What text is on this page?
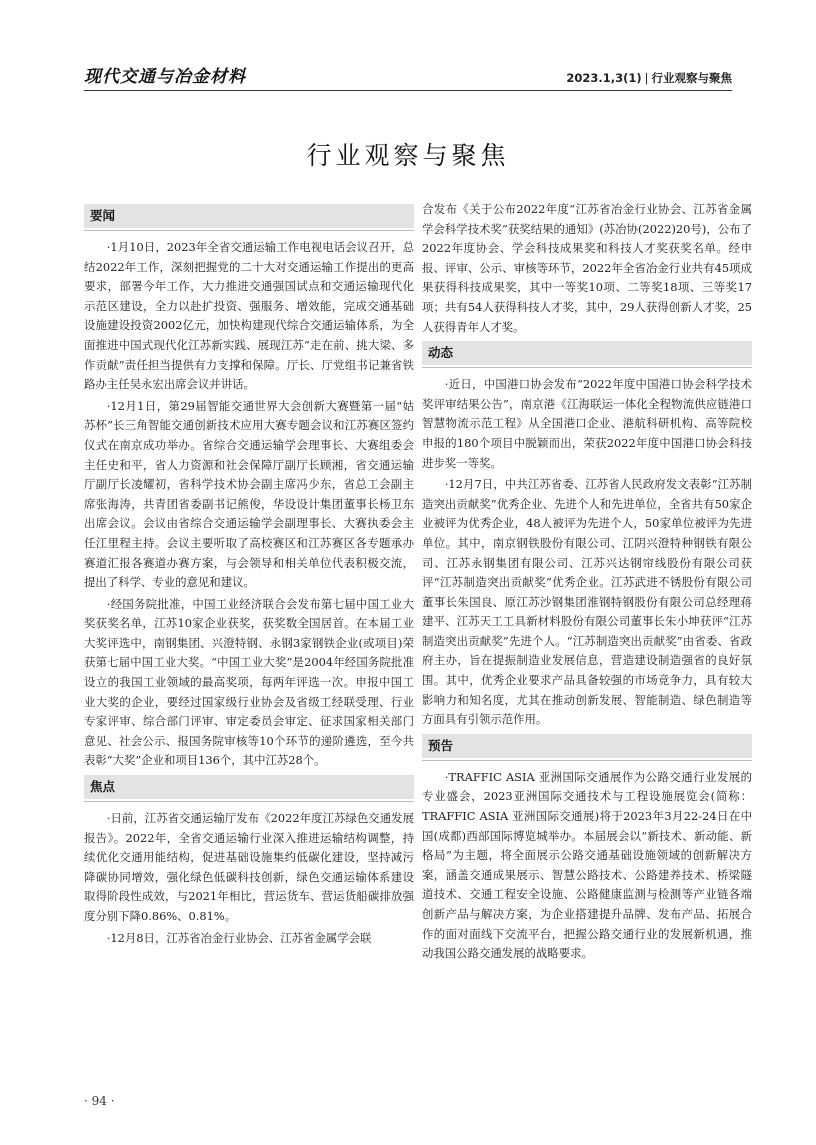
现代交通与冶金材料	2023.1,3(1) | 行业观察与聚焦
行业观察与聚焦
要闻
·1月10日，2023年全省交通运输工作电视电话会议召开，总结2022年工作，深刻把握党的二十大对交通运输工作提出的更高要求，部署今年工作，大力推进交通强国试点和交通运输现代化示范区建设，全力以赴扩投资、强服务、增效能，完成交通基础设施建设投资2002亿元，加快构建现代综合交通运输体系，为全面推进中国式现代化江苏新实践、展现江苏“走在前、挑大梁、多作贡献”责任担当提供有力支撑和保障。厅长、厅党组书记兼省铁路办主任吴永宏出席会议并讲话。
·12月1日，第29届智能交通世界大会创新大赛暨第一届“姑苏杯”长三角智能交通创新技术应用大赛专题会议和江苏赛区签约仪式在南京成功举办。省综合交通运输学会理事长、大赛组委会主任史和平，省人力资源和社会保障厅副厅长顾湘，省交通运输厅副厅长凌耀初，省科学技术协会副主席冯少东，省总工会副主席张海涛，共青团省委副书记熊俊，华设设计集团董事长杨卫东出席会议。会议由省综合交通运输学会副理事长、大赛执委会主任江里程主持。会议主要听取了高校赛区和江苏赛区各专题承办赛道汇报各赛道办赛方案，与会领导和相关单位代表积极交流，提出了科学、专业的意见和建议。
·经国务院批准，中国工业经济联合会发布第七届中国工业大奖获奖名单，江苏10家企业获奖，获奖数全国居首。在本届工业大奖评选中，南钢集团、兴澄特钢、永钢3家钢铁企业(或项目)荣获第七届中国工业大奖。“中国工业大奖”是2004年经国务院批准设立的我国工业领域的最高奖项，每两年评选一次。申报中国工业大奖的企业，要经过国家级行业协会及省级工经联受理、行业专家评审、综合部门评审、审定委员会审定、征求国家相关部门意见、社会公示、报国务院审核等10个环节的递阶遴选，至今共表彰“大奖”企业和项目136个，其中江苏28个。
焦点
·日前，江苏省交通运输厅发布《2022年度江苏绿色交通发展报告》。2022年，全省交通运输行业深入推进运输结构调整，持续优化交通用能结构，促进基础设施集约低碳化建设，坚持减污降碳协同增效，强化绿色低碳科技创新，绿色交通运输体系建设取得阶段性成效，与2021年相比，营运货车、营运货船碳排放强度分别下降0.86%、0.81%。
·12月8日，江苏省冶金行业协会、江苏省金属学会联
合发布《关于公布2022年度“江苏省冶金行业协会、江苏省金属学会科学技术奖”获奖结果的通知》(苏冶协(2022)20号)，公布了2022年度协会、学会科技成果奖和科技人才奖获奖名单。经申报、评审、公示、审核等环节，2022年全省冶金行业共有45项成果获得科技成果奖，其中一等奖10项、二等奖18项、三等奖17项；共有54人获得科技人才奖，其中，29人获得创新人才奖，25人获得青年人才奖。
动态
·近日，中国港口协会发布“2022年度中国港口协会科学技术奖评审结果公告”，南京港《江海联运一体化全程物流供应链港口智慧物流示范工程》从全国港口企业、港航科研机构、高等院校申报的180个项目中脱颖而出，荣获2022年度中国港口协会科技进步奖一等奖。
·12月7日，中共江苏省委、江苏省人民政府发文表彰“江苏制造突出贡献奖”优秀企业、先进个人和先进单位，全省共有50家企业被评为优秀企业，48人被评为先进个人，50家单位被评为先进单位。其中，南京钢铁股份有限公司、江阴兴澄特种钢铁有限公司、江苏永钢集团有限公司、江苏兴达钢帘线股份有限公司获评“江苏制造突出贡献奖”优秀企业。江苏武进不锈股份有限公司董事长朱国良、原江苏沙钢集团淮钢特钢股份有限公司总经理蒋建平、江苏天工工具新材料股份有限公司董事长朱小坤获评“江苏制造突出贡献奖”先进个人。“江苏制造突出贡献奖”由省委、省政府主办，旨在提振制造业发展信息，营造建设制造强省的良好氛围。其中，优秀企业要求产品具备较强的市场竞争力，具有较大影响力和知名度，尤其在推动创新发展、智能制造、绿色制造等方面具有引领示范作用。
预告
·TRAFFIC ASIA 亚洲国际交通展作为公路交通行业发展的专业盛会，2023亚洲国际交通技术与工程设施展览会(简称：TRAFFIC ASIA 亚洲国际交通展)将于2023年3月22-24日在中国(成都)西部国际博览城举办。本届展会以“新技术、新动能、新格局”为主题，将全面展示公路交通基础设施领域的创新解决方案，涵盖交通成果展示、智慧公路技术、公路建养技术、桥梁隧道技术、交通工程安全设施、公路健康监测与检测等产业链各端创新产品与解决方案，为企业搭建提升品牌、发布产品、拓展合作的面对面线下交流平台，把握公路交通行业的发展新机遇，推动我国公路交通发展的战略要求。
· 94 ·
